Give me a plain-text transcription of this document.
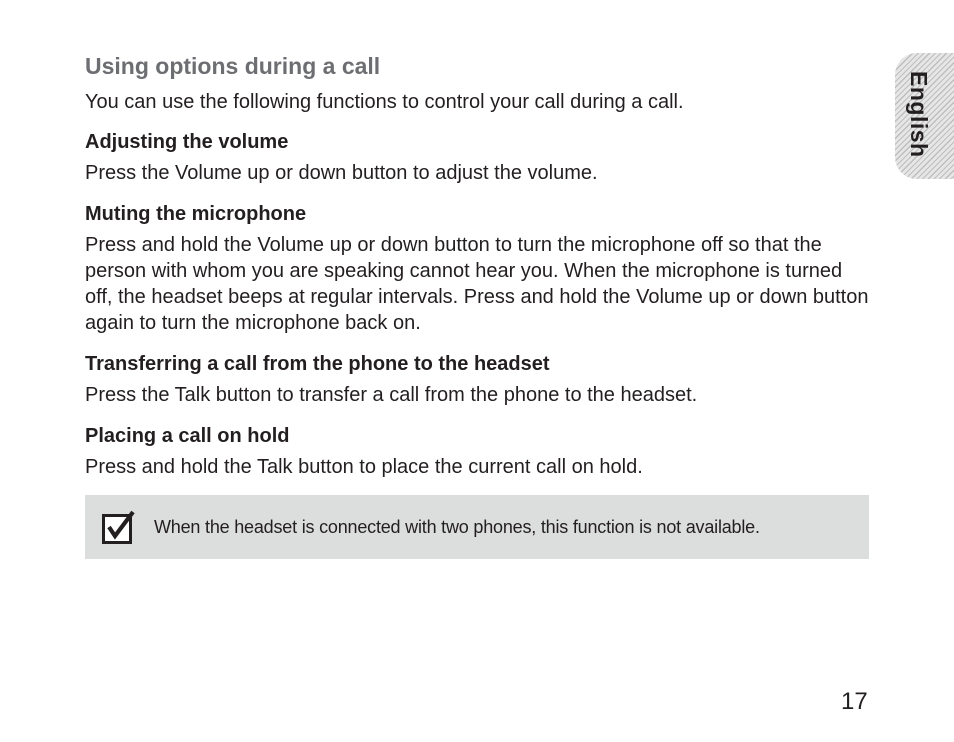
Using options during a call
You can use the following functions to control your call during a call.
Adjusting the volume
Press the Volume up or down button to adjust the volume.
Muting the microphone
Press and hold the Volume up or down button to turn the microphone off so that the person with whom you are speaking cannot hear you. When the microphone is turned off, the headset beeps at regular intervals. Press and hold the Volume up or down button again to turn the microphone back on.
Transferring a call from the phone to the headset
Press the Talk button to transfer a call from the phone to the headset.
Placing a call on hold
Press and hold the Talk button to place the current call on hold.
When the headset is connected with two phones, this function is not available.
English
17
